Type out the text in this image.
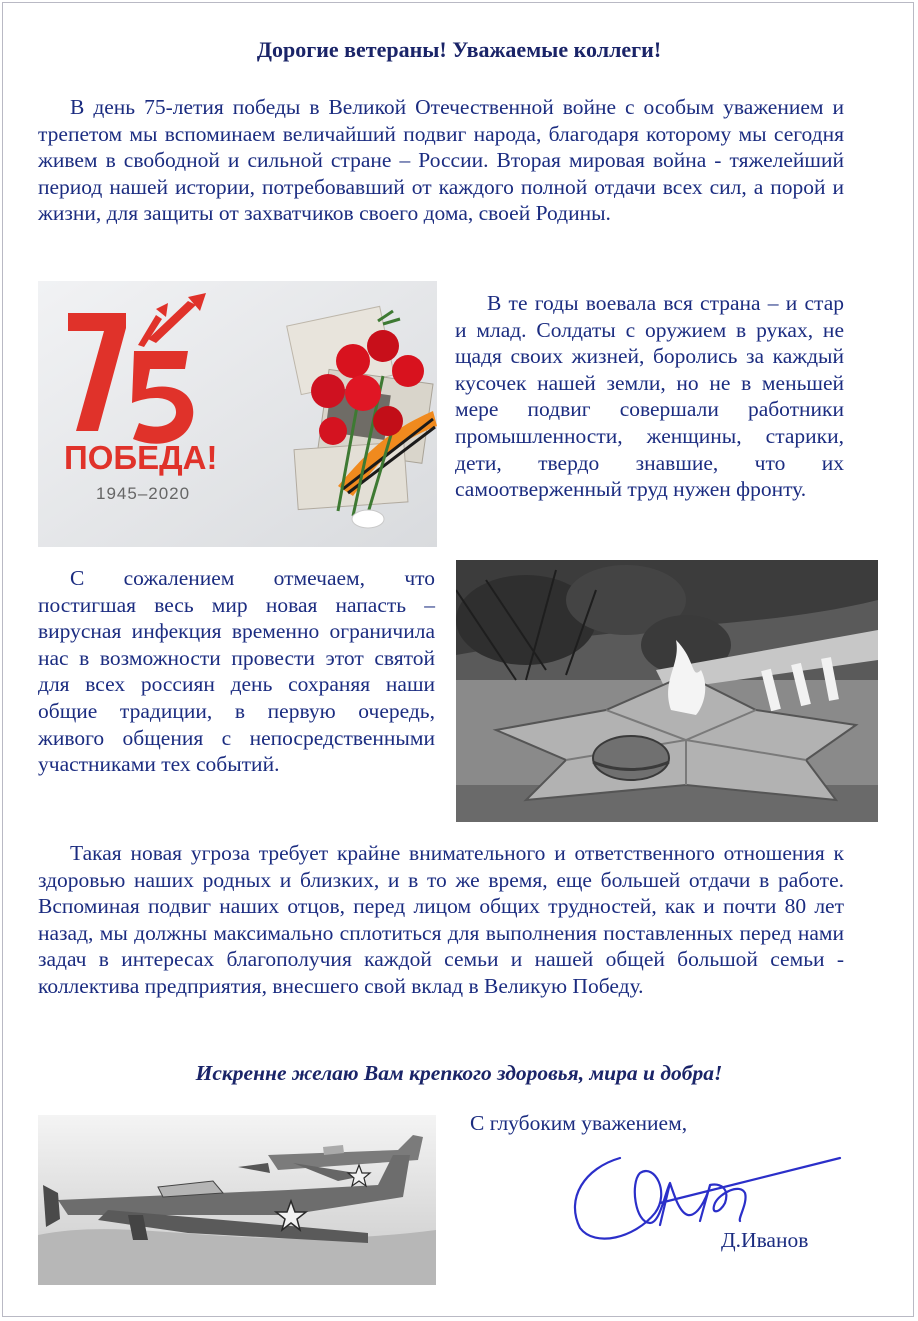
Дорогие ветераны! Уважаемые коллеги!
В день 75-летия победы в Великой Отечественной войне с особым уважением и трепетом мы вспоминаем величайший подвиг народа, благодаря которому мы сегодня живем в свободной и сильной стране – России. Вторая мировая война - тяжелейший период нашей истории, потребовавший от каждого полной отдачи всех сил, а порой и жизни, для защиты от захватчиков своего дома, своей Родины.
ПОБЕДА!
1945–2020
В те годы воевала вся страна – и стар и млад. Солдаты с оружием в руках, не щадя своих жизней, боролись за каждый кусочек нашей земли, но не в меньшей мере подвиг совершали работники промышленности, женщины, старики, дети, твердо знавшие, что их самоотверженный труд нужен фронту.
С сожалением отмечаем, что постигшая весь мир новая напасть – вирусная инфекция временно ограничила нас в возможности провести этот святой для всех россиян день сохраняя наши общие традиции, в первую очередь, живого общения с непосредственными участниками тех событий.
Такая новая угроза требует крайне внимательного и ответственного отношения к здоровью наших родных и близких, и в то же время, еще большей отдачи в работе. Вспоминая подвиг наших отцов, перед лицом общих трудностей, как и почти 80 лет назад, мы должны максимально сплотиться для выполнения поставленных перед нами задач в интересах благополучия каждой семьи и нашей общей большой семьи - коллектива предприятия, внесшего свой вклад в Великую Победу.
Искренне желаю Вам крепкого здоровья, мира и добра!
С глубоким уважением,
Д.Иванов
